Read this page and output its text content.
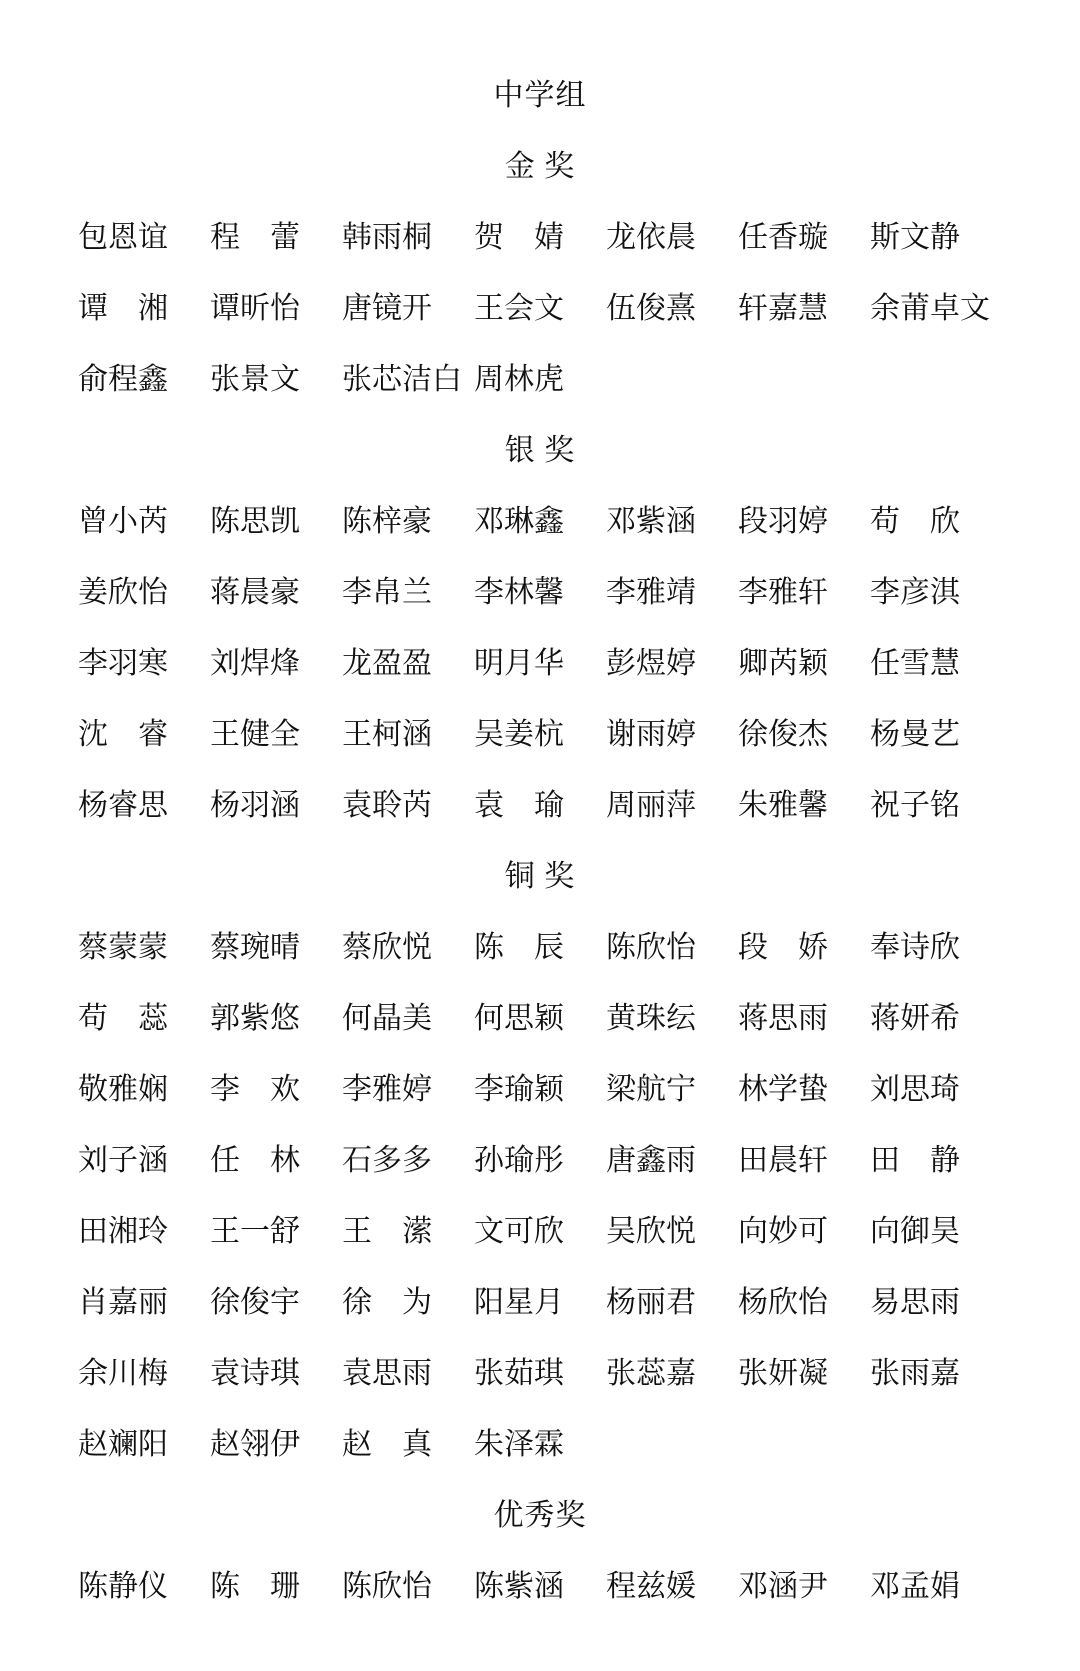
中学组
金 奖
包恩谊	程　蕾	韩雨桐	贺　婧	龙依晨	任香璇	斯文静
谭　湘	谭昕怡	唐镜开	王会文	伍俊熹	轩嘉慧	余莆卓文
俞程鑫	张景文	张芯洁白 周林虎
银 奖
曾小芮	陈思凯	陈梓豪	邓琳鑫	邓紫涵	段羽婷	苟　欣
姜欣怡	蒋晨豪	李帛兰	李林馨	李雅靖	李雅轩	李彦淇
李羽寒	刘焊烽	龙盈盈	明月华	彭煜婷	卿芮颖	任雪慧
沈　睿	王健全	王柯涵	吴姜杭	谢雨婷	徐俊杰	杨曼艺
杨睿思	杨羽涵	袁聆芮	袁　瑜	周丽萍	朱雅馨	祝子铭
铜 奖
蔡蒙蒙	蔡琬晴	蔡欣悦	陈　辰	陈欣怡	段　娇	奉诗欣
苟　蕊	郭紫悠	何晶美	何思颖	黄珠纭	蒋思雨	蒋妍希
敬雅娴	李　欢	李雅婷	李瑜颖	梁航宁	林学蛰	刘思琦
刘子涵	任　林	石多多	孙瑜彤	唐鑫雨	田晨轩	田　静
田湘玲	王一舒	王　潆	文可欣	吴欣悦	向妙可	向御昊
肖嘉丽	徐俊宇	徐　为	阳星月	杨丽君	杨欣怡	易思雨
余川梅	袁诗琪	袁思雨	张茹琪	张蕊嘉	张妍凝	张雨嘉
赵斓阳	赵翎伊	赵　真	朱泽霖
优秀奖
陈静仪	陈　珊	陈欣怡	陈紫涵	程兹媛	邓涵尹	邓孟娟
